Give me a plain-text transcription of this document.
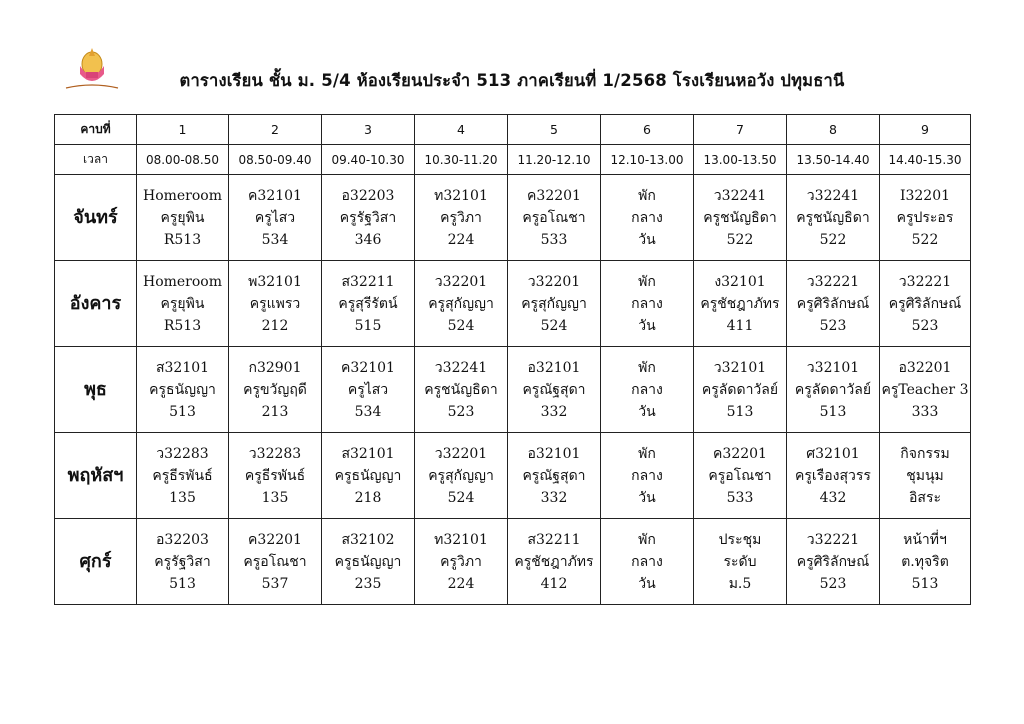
ตารางเรียน ชั้น ม. 5/4 ห้องเรียนประจำ 513 ภาคเรียนที่ 1/2568 โรงเรียนหอวัง ปทุมธานี
คาบที่	1	2	3	4	5	6	7	8	9
เวลา	08.00-08.50	08.50-09.40	09.40-10.30	10.30-11.20	11.20-12.10	12.10-13.00	13.00-13.50	13.50-14.40	14.40-15.30
จันทร์	Homeroom
ครูยุพิน
R513	ค32101
ครูไสว
534	อ32203
ครูรัฐวิสา
346	ท32101
ครูวิภา
224	ค32201
ครูอโณชา
533	พัก
กลาง
วัน	ว32241
ครูชนัญธิดา
522	ว32241
ครูชนัญธิดา
522	I32201
ครูประอร
522

อังคาร	Homeroom
ครูยุพิน
R513	พ32101
ครูแพรว
212	ส32211
ครูสุรีรัตน์
515	ว32201
ครูสุกัญญา
524	ว32201
ครูสุกัญญา
524	พัก
กลาง
วัน	ง32101
ครูชัชฎาภัทร
411	ว32221
ครูศิริลักษณ์
523	ว32221
ครูศิริลักษณ์
523

พุธ	ส32101
ครูธนัญญา
513	ก32901
ครูขวัญฤดี
213	ค32101
ครูไสว
534	ว32241
ครูชนัญธิดา
523	อ32101
ครูณัฐสุดา
332	พัก
กลาง
วัน	ว32101
ครูลัดดาวัลย์
513	ว32101
ครูลัดดาวัลย์
513	อ32201
ครูTeacher 3
333

พฤหัสฯ	ว32283
ครูธีรพันธ์
135	ว32283
ครูธีรพันธ์
135	ส32101
ครูธนัญญา
218	ว32201
ครูสุกัญญา
524	อ32101
ครูณัฐสุดา
332	พัก
กลาง
วัน	ค32201
ครูอโณชา
533	ศ32101
ครูเรืองสุวรร
432	กิจกรรม
ชุมนุม
อิสระ

ศุกร์	อ32203
ครูรัฐวิสา
513	ค32201
ครูอโณชา
537	ส32102
ครูธนัญญา
235	ท32101
ครูวิภา
224	ส32211
ครูชัชฎาภัทร
412	พัก
กลาง
วัน	ประชุม
ระดับ
ม.5	ว32221
ครูศิริลักษณ์
523	หน้าที่ฯ
ต.ทุจริต
513
